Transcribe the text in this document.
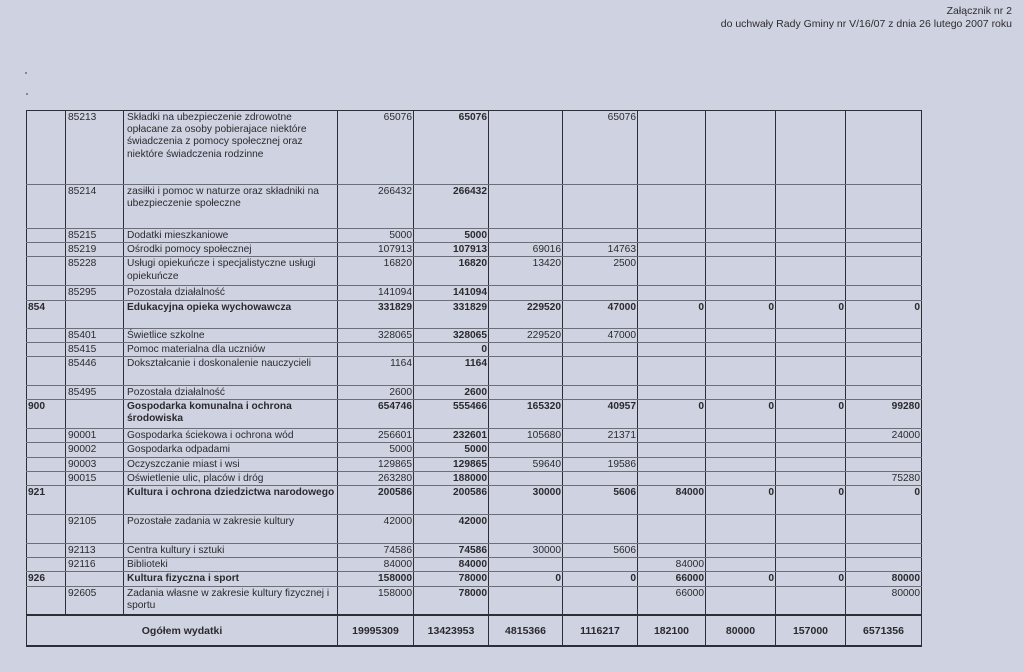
Załącznik nr 2
do uchwały Rady Gminy nr V/16/07 z dnia 26 lutego 2007 roku
	85213	Składki na ubezpieczenie zdrowotne opłacane za osoby pobierajace niektóre świadczenia z pomocy społecznej oraz niektóre świadczenia rodzinne	65076	65076		65076				
	85214	zasiłki i pomoc w naturze oraz składniki na ubezpieczenie społeczne	266432	266432						
	85215	Dodatki mieszkaniowe	5000	5000						
	85219	Ośrodki pomocy społecznej	107913	107913	69016	14763				
	85228	Usługi opiekuńcze i specjalistyczne usługi opiekuńcze	16820	16820	13420	2500				
	85295	Pozostała działalność	141094	141094						
854		Edukacyjna opieka wychowawcza	331829	331829	229520	47000	0	0	0	0
	85401	Świetlice szkolne	328065	328065	229520	47000				
	85415	Pomoc materialna dla uczniów		0						
	85446	Dokształcanie i doskonalenie nauczycieli	1164	1164						
	85495	Pozostała działalność	2600	2600						
900		Gospodarka komunalna i ochrona środowiska	654746	555466	165320	40957	0	0	0	99280
	90001	Gospodarka ściekowa i ochrona wód	256601	232601	105680	21371				24000
	90002	Gospodarka odpadami	5000	5000						
	90003	Oczyszczanie miast i wsi	129865	129865	59640	19586				
	90015	Oświetlenie ulic, placów i dróg	263280	188000						75280
921		Kultura i ochrona dziedzictwa narodowego	200586	200586	30000	5606	84000	0	0	0
	92105	Pozostałe zadania w zakresie kultury	42000	42000						
	92113	Centra kultury i sztuki	74586	74586	30000	5606				
	92116	Biblioteki	84000	84000			84000			
926		Kultura fizyczna i sport	158000	78000	0	0	66000	0	0	80000
	92605	Zadania własne w zakresie kultury fizycznej i sportu	158000	78000			66000			80000
Ogółem wydatki			19995309	13423953	4815366	1116217	182100	80000	157000	6571356
